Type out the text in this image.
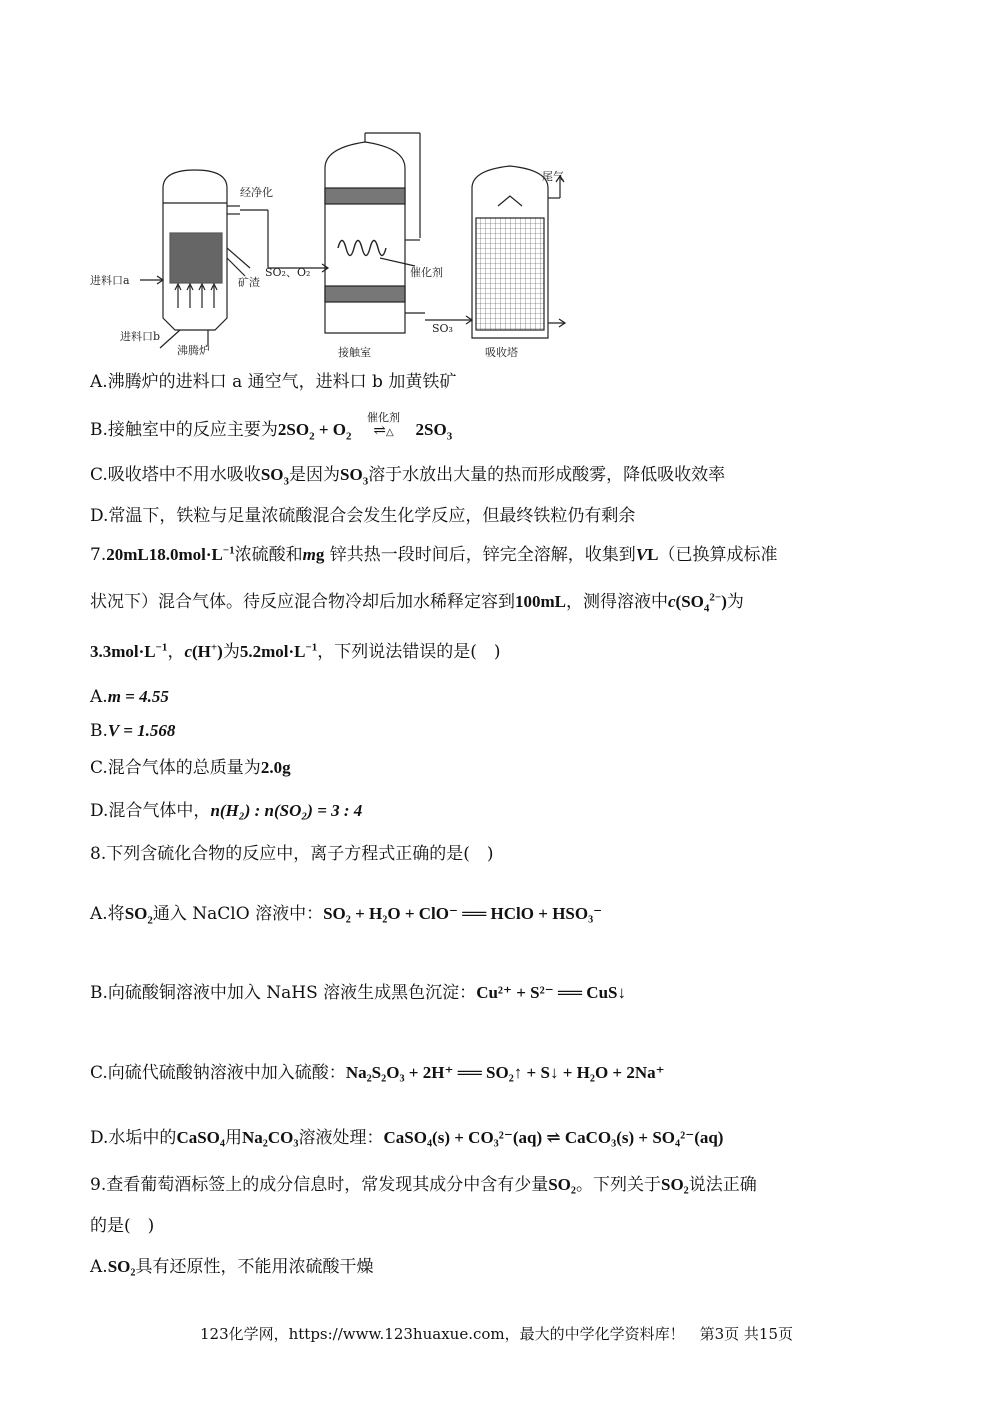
沸腾炉
进料口a
进料口b
经净化
SO₂、O₂
矿渣
接触室
催化剂
SO₃
吸收塔
尾气
A.沸腾炉的进料口 a 通空气，进料口 b 加黄铁矿
B.接触室中的反应主要为$2SO_2 + O_2$
催化剂
⇌△ $2SO_3$
C.吸收塔中不用水吸收$SO_3$是因为$SO_3$溶于水放出大量的热而形成酸雾，降低吸收效率
D.常温下，铁粒与足量浓硫酸混合会发生化学反应，但最终铁粒仍有剩余
$7.20mL18.0mol\cdot L^{-1}$浓硫酸和mg 锌共热一段时间后，锌完全溶解，收集到VL（已换算成标准
状况下）混合气体。待反应混合物冷却后加水稀释定容到100mL，测得溶液中$c(SO_4^{2-})$为
$3.3mol\cdot L^{-1}$，c(H+)为$5.2mol\cdot L^{-1}$，下列说法错误的是(　)
A.m = 4.55
B.V = 1.568
C.混合气体的总质量为2.0g
D.混合气体中，n(H₂) : n(SO₂) = 3 : 4
8.下列含硫化合物的反应中，离子方程式正确的是(　)
A.将$SO_2$通入 NaClO 溶液中：SO₂ + H₂O + ClO⁻ ══ HClO + HSO₃⁻
B.向硫酸铜溶液中加入 NaHS 溶液生成黑色沉淀：Cu²⁺ + S²⁻ ══ CuS↓
C.向硫代硫酸钠溶液中加入硫酸：Na₂S₂O₃ + 2H⁺ ══ SO₂↑ + S↓ + H₂O + 2Na⁺
D.水垢中的CaSO₄用Na₂CO₃溶液处理：CaSO₄(s) + CO₃²⁻(aq) ⇌ CaCO₃(s) + SO₄²⁻(aq)
9.查看葡萄酒标签上的成分信息时，常发现其成分中含有少量SO₂。下列关于SO₂说法正确
的是(　)
A.SO₂具有还原性，不能用浓硫酸干燥
123化学网，https://www.123huaxue.com，最大的中学化学资料库！　第3页 共15页
